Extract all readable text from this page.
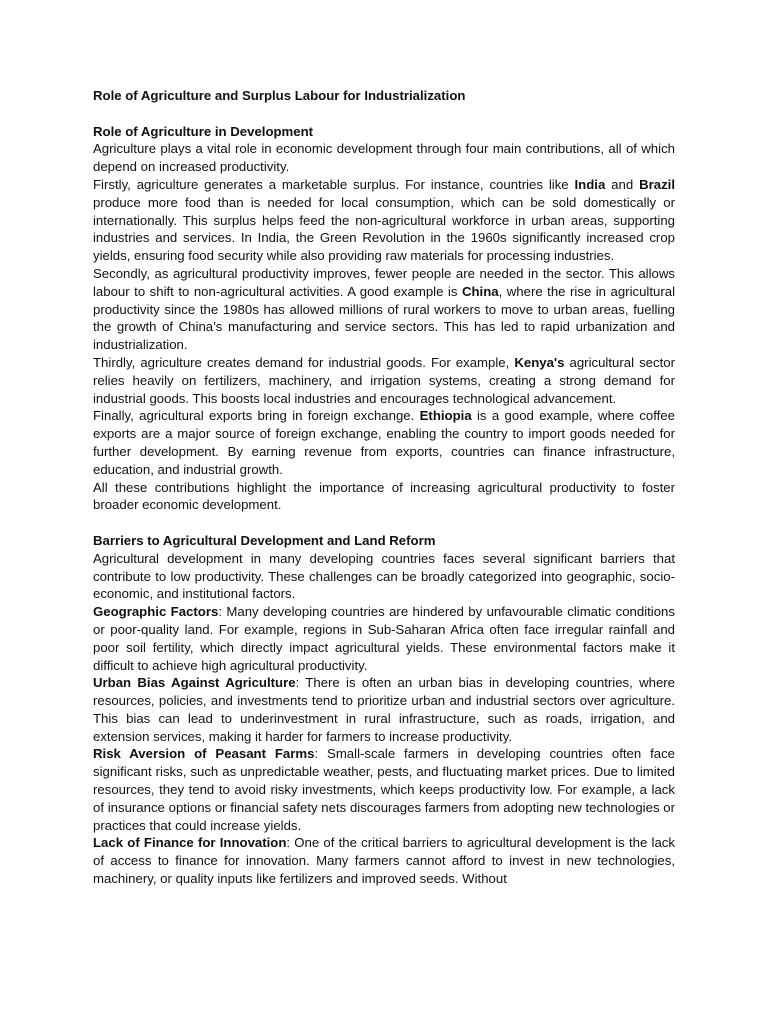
Role of Agriculture and Surplus Labour for Industrialization
Role of Agriculture in Development

Agriculture plays a vital role in economic development through four main contributions, all of which depend on increased productivity.

Firstly, agriculture generates a marketable surplus. For instance, countries like India and Brazil produce more food than is needed for local consumption, which can be sold domestically or internationally. This surplus helps feed the non-agricultural workforce in urban areas, supporting industries and services. In India, the Green Revolution in the 1960s significantly increased crop yields, ensuring food security while also providing raw materials for processing industries.

Secondly, as agricultural productivity improves, fewer people are needed in the sector. This allows labour to shift to non-agricultural activities. A good example is China, where the rise in agricultural productivity since the 1980s has allowed millions of rural workers to move to urban areas, fuelling the growth of China’s manufacturing and service sectors. This has led to rapid urbanization and industrialization.

Thirdly, agriculture creates demand for industrial goods. For example, Kenya's agricultural sector relies heavily on fertilizers, machinery, and irrigation systems, creating a strong demand for industrial goods. This boosts local industries and encourages technological advancement.

Finally, agricultural exports bring in foreign exchange. Ethiopia is a good example, where coffee exports are a major source of foreign exchange, enabling the country to import goods needed for further development. By earning revenue from exports, countries can finance infrastructure, education, and industrial growth.

All these contributions highlight the importance of increasing agricultural productivity to foster broader economic development.

Barriers to Agricultural Development and Land Reform

Agricultural development in many developing countries faces several significant barriers that contribute to low productivity. These challenges can be broadly categorized into geographic, socio-economic, and institutional factors.

Geographic Factors: Many developing countries are hindered by unfavourable climatic conditions or poor-quality land. For example, regions in Sub-Saharan Africa often face irregular rainfall and poor soil fertility, which directly impact agricultural yields. These environmental factors make it difficult to achieve high agricultural productivity.

Urban Bias Against Agriculture: There is often an urban bias in developing countries, where resources, policies, and investments tend to prioritize urban and industrial sectors over agriculture. This bias can lead to underinvestment in rural infrastructure, such as roads, irrigation, and extension services, making it harder for farmers to increase productivity.

Risk Aversion of Peasant Farms: Small-scale farmers in developing countries often face significant risks, such as unpredictable weather, pests, and fluctuating market prices. Due to limited resources, they tend to avoid risky investments, which keeps productivity low. For example, a lack of insurance options or financial safety nets discourages farmers from adopting new technologies or practices that could increase yields.

Lack of Finance for Innovation: One of the critical barriers to agricultural development is the lack of access to finance for innovation. Many farmers cannot afford to invest in new technologies, machinery, or quality inputs like fertilizers and improved seeds. Without
